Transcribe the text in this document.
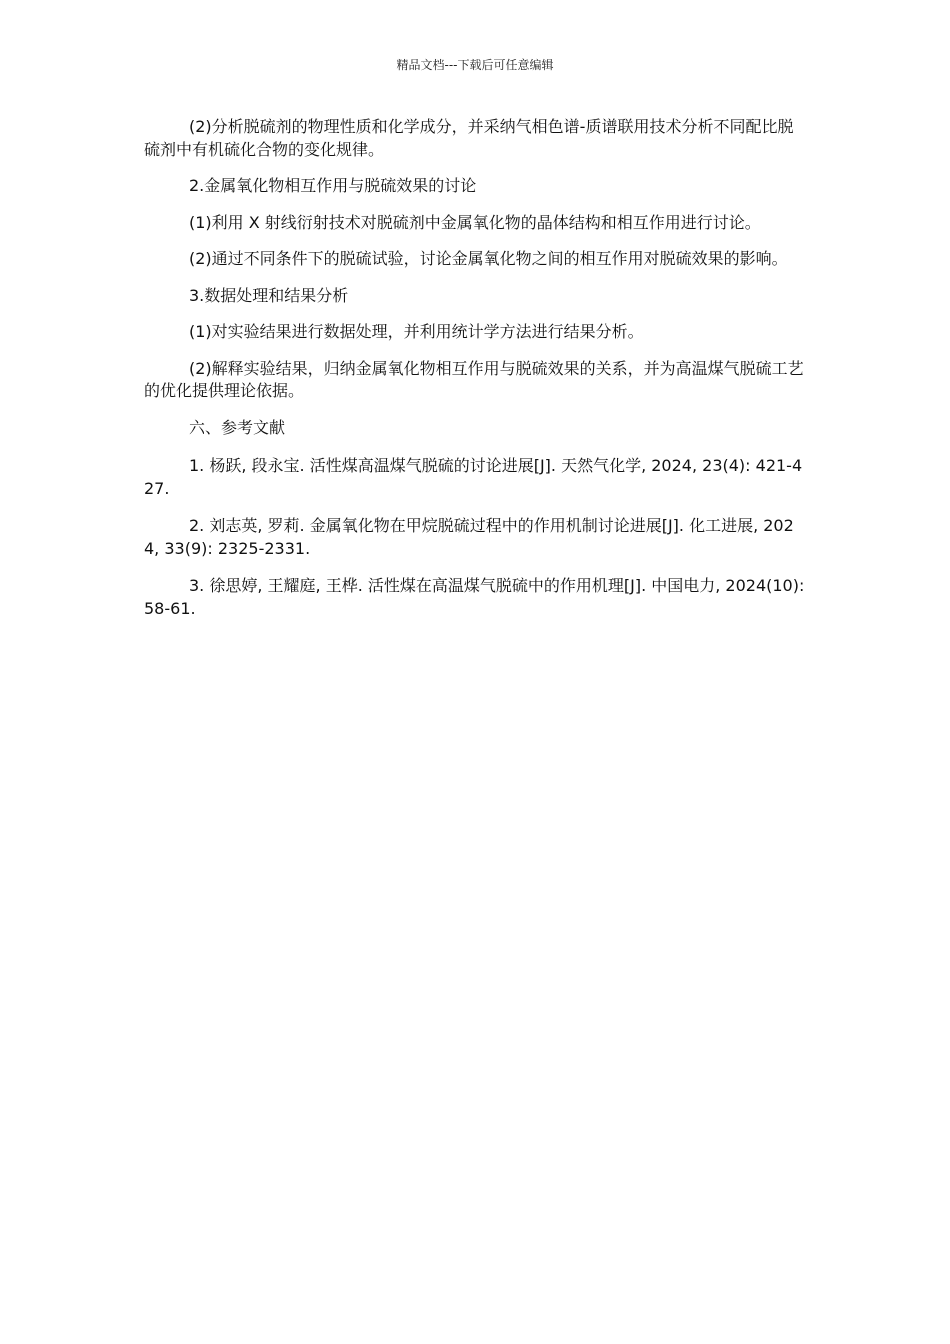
精品文档---下载后可任意编辑

(2)分析脱硫剂的物理性质和化学成分，并采纳气相色谱-质谱联用技术分析不同配比脱硫剂中有机硫化合物的变化规律。

2.金属氧化物相互作用与脱硫效果的讨论

(1)利用 X 射线衍射技术对脱硫剂中金属氧化物的晶体结构和相互作用进行讨论。

(2)通过不同条件下的脱硫试验，讨论金属氧化物之间的相互作用对脱硫效果的影响。

3.数据处理和结果分析

(1)对实验结果进行数据处理，并利用统计学方法进行结果分析。

(2)解释实验结果，归纳金属氧化物相互作用与脱硫效果的关系，并为高温煤气脱硫工艺的优化提供理论依据。

六、参考文献

1. 杨跃, 段永宝. 活性煤高温煤气脱硫的讨论进展[J]. 天然气化学, 2024, 23(4): 421-427.

2. 刘志英, 罗莉. 金属氧化物在甲烷脱硫过程中的作用机制讨论进展[J]. 化工进展, 2024, 33(9): 2325-2331.

3. 徐思婷, 王耀庭, 王桦. 活性煤在高温煤气脱硫中的作用机理[J]. 中国电力, 2024(10): 58-61.
